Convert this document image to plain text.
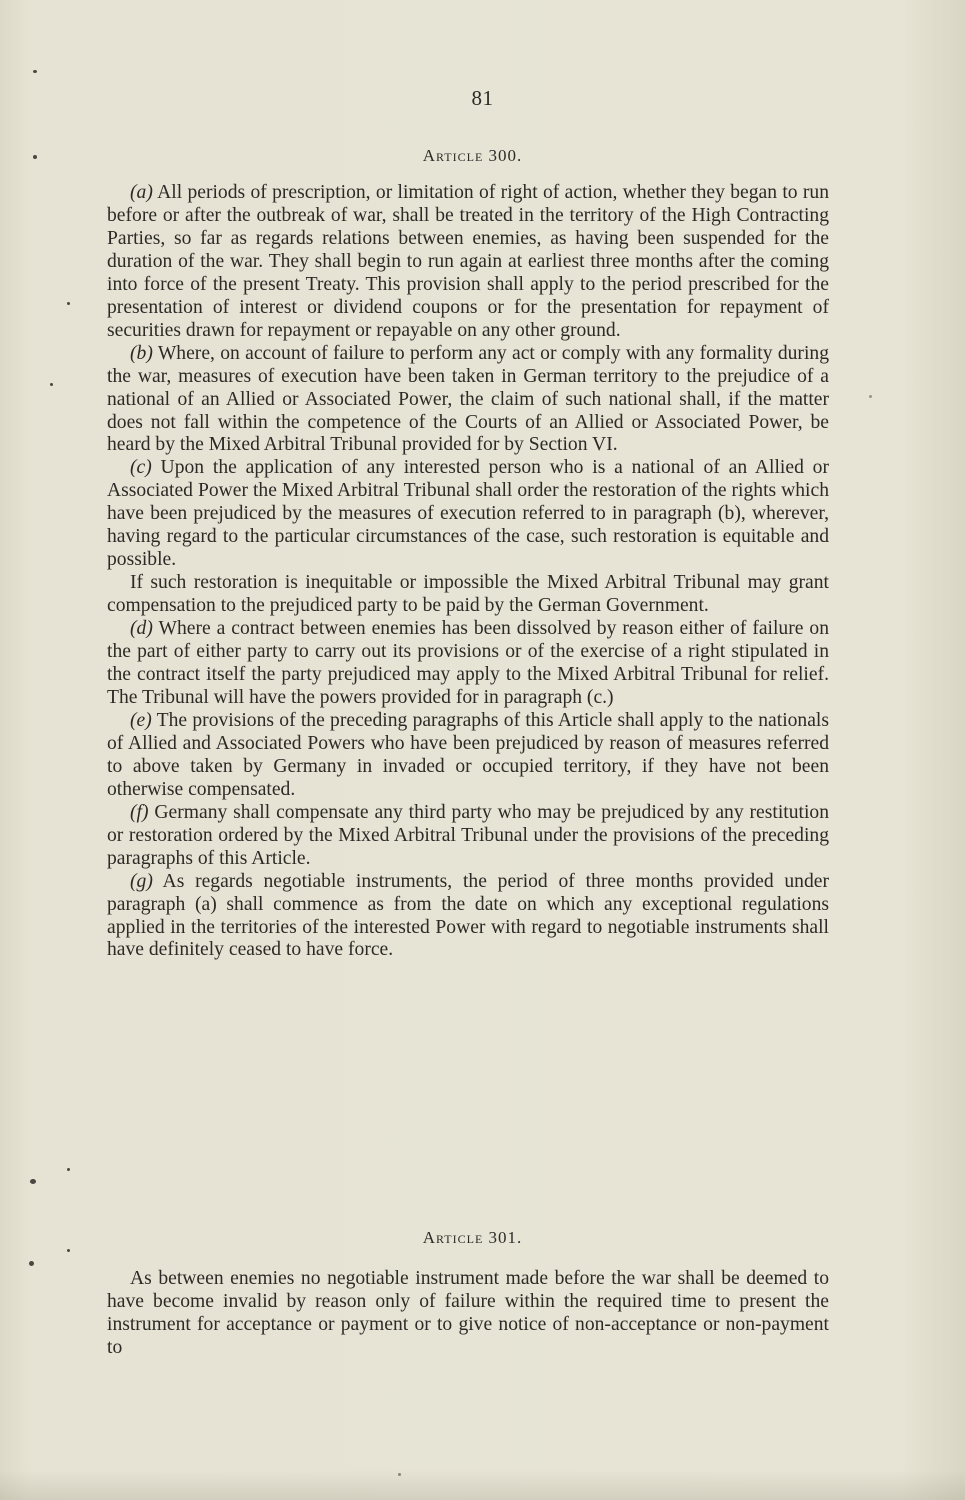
81
Article 300.

(a) All periods of prescription, or limitation of right of action, whether they began to run before or after the outbreak of war, shall be treated in the territory of the High Contracting Parties, so far as regards relations between enemies, as having been suspended for the duration of the war. They shall begin to run again at earliest three months after the coming into force of the present Treaty. This provision shall apply to the period prescribed for the presentation of interest or dividend coupons or for the presentation for repayment of securities drawn for repayment or repayable on any other ground.

(b) Where, on account of failure to perform any act or comply with any formality during the war, measures of execution have been taken in German territory to the prejudice of a national of an Allied or Associated Power, the claim of such national shall, if the matter does not fall within the competence of the Courts of an Allied or Associated Power, be heard by the Mixed Arbitral Tribunal provided for by Section VI.

(c) Upon the application of any interested person who is a national of an Allied or Associated Power the Mixed Arbitral Tribunal shall order the restoration of the rights which have been prejudiced by the measures of execution referred to in paragraph (b), wherever, having regard to the particular circumstances of the case, such restoration is equitable and possible.

If such restoration is inequitable or impossible the Mixed Arbitral Tribunal may grant compensation to the prejudiced party to be paid by the German Government.

(d) Where a contract between enemies has been dissolved by reason either of failure on the part of either party to carry out its provisions or of the exercise of a right stipulated in the contract itself the party prejudiced may apply to the Mixed Arbitral Tribunal for relief. The Tribunal will have the powers provided for in paragraph (c.)

(e) The provisions of the preceding paragraphs of this Article shall apply to the nationals of Allied and Associated Powers who have been prejudiced by reason of measures referred to above taken by Germany in invaded or occupied territory, if they have not been otherwise compensated.

(f) Germany shall compensate any third party who may be prejudiced by any restitution or restoration ordered by the Mixed Arbitral Tribunal under the provisions of the preceding paragraphs of this Article.

(g) As regards negotiable instruments, the period of three months provided under paragraph (a) shall commence as from the date on which any exceptional regulations applied in the territories of the interested Power with regard to negotiable instruments shall have definitely ceased to have force.

Article 301.

As between enemies no negotiable instrument made before the war shall be deemed to have become invalid by reason only of failure within the required time to present the instrument for acceptance or payment or to give notice of non-acceptance or non-payment to
